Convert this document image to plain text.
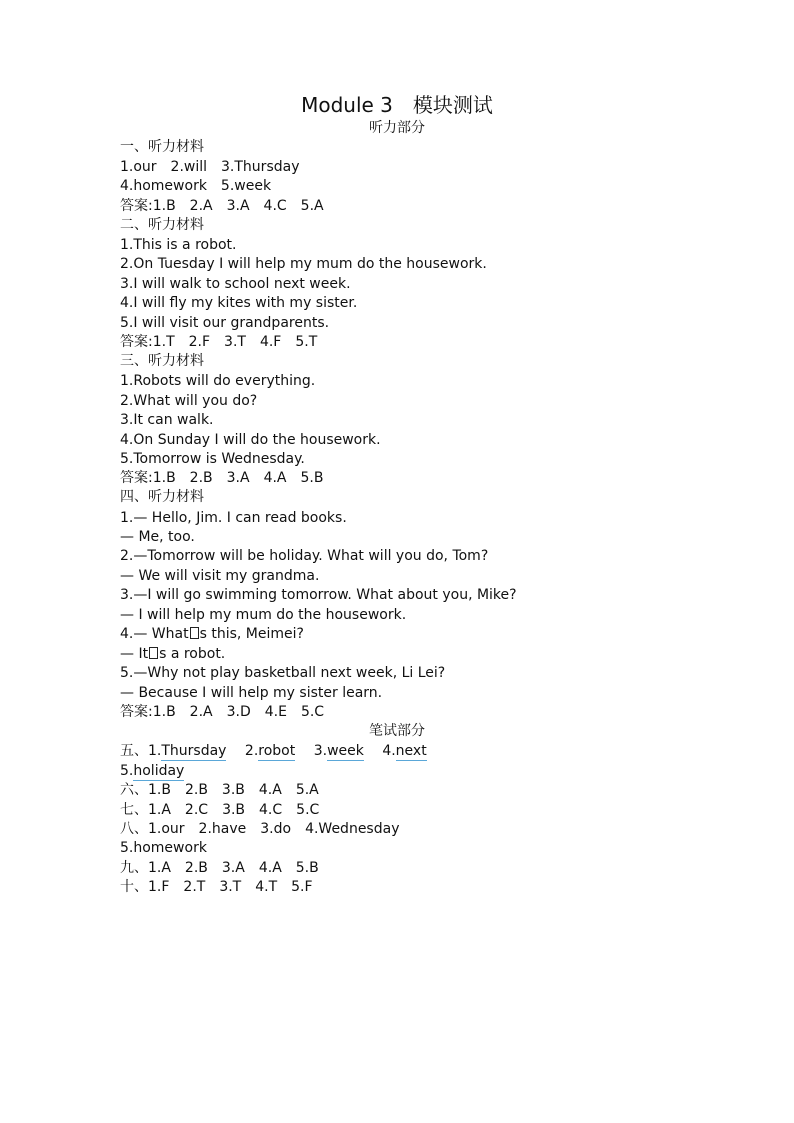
Module 3　模块测试
听力部分
一、听力材料
1.our　2.will　3.Thursday
4.homework　5.week
答案:1.B　2.A　3.A　4.C　5.A
二、听力材料
1.This is a robot.
2.On Tuesday I will help my mum do the housework.
3.I will walk to school next week.
4.I will fly my kites with my sister.
5.I will visit our grandparents.
答案:1.T　2.F　3.T　4.F　5.T
三、听力材料
1.Robots will do everything.
2.What will you do?
3.It can walk.
4.On Sunday I will do the housework.
5.Tomorrow is Wednesday.
答案:1.B　2.B　3.A　4.A　5.B
四、听力材料
1.— Hello, Jim. I can read books.
— Me, too.
2.—Tomorrow will be holiday. What will you do, Tom?
— We will visit my grandma.
3.—I will go swimming tomorrow. What about you, Mike?
— I will help my mum do the housework.
4.— What s this, Meimei?
— It s a robot.
5.—Why not play basketball next week, Li Lei?
— Because I will help my sister learn.
答案:1.B　2.A　3.D　4.E　5.C
笔试部分
五、1.Thursday　 2.robot　 3.week　 4.next
5.holiday
六、1.B　2.B　3.B　4.A　5.A
七、1.A　2.C　3.B　4.C　5.C
八、1.our　2.have　3.do　4.Wednesday
5.homework
九、1.A　2.B　3.A　4.A　5.B
十、1.F　2.T　3.T　4.T　5.F
